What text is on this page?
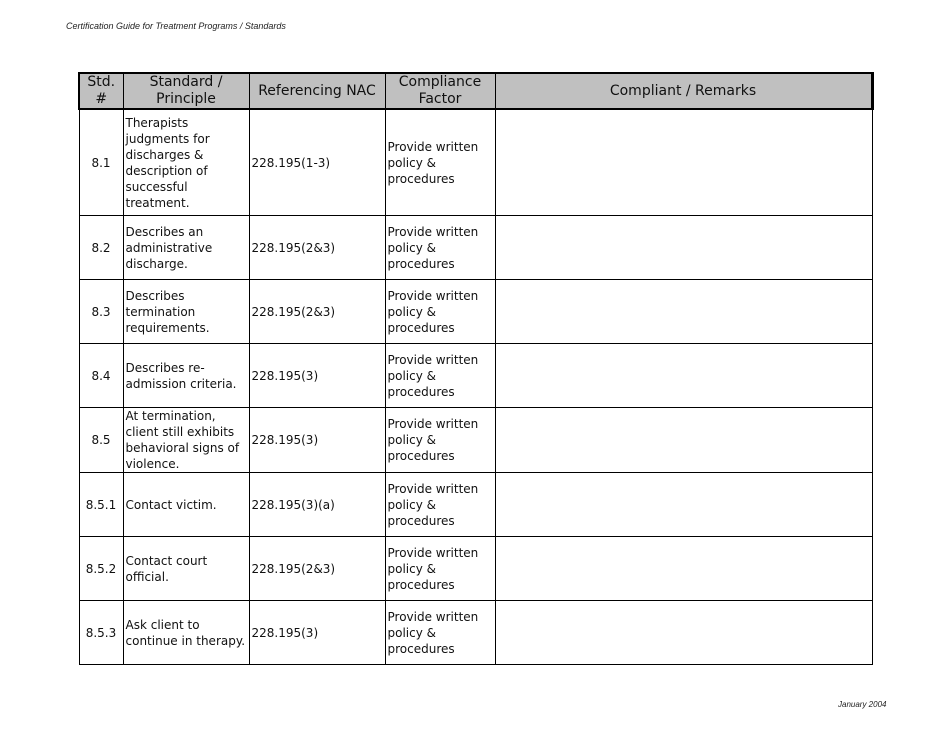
Certification Guide for Treatment Programs / Standards
Std. #	Standard / Principle	Referencing NAC	Compliance Factor	Compliant / Remarks
8.1	Therapists judgments for discharges & description of successful treatment.	228.195(1-3)	Provide written policy & procedures	
8.2	Describes an administrative discharge.	228.195(2&3)	Provide written policy & procedures	
8.3	Describes termination requirements.	228.195(2&3)	Provide written policy & procedures	
8.4	Describes re-admission criteria.	228.195(3)	Provide written policy & procedures	
8.5	At termination, client still exhibits behavioral signs of violence.	228.195(3)	Provide written policy & procedures	
8.5.1	Contact victim.	228.195(3)(a)	Provide written policy & procedures	
8.5.2	Contact court official.	228.195(2&3)	Provide written policy & procedures	
8.5.3	Ask client to continue in therapy.	228.195(3)	Provide written policy & procedures	
January 2004
